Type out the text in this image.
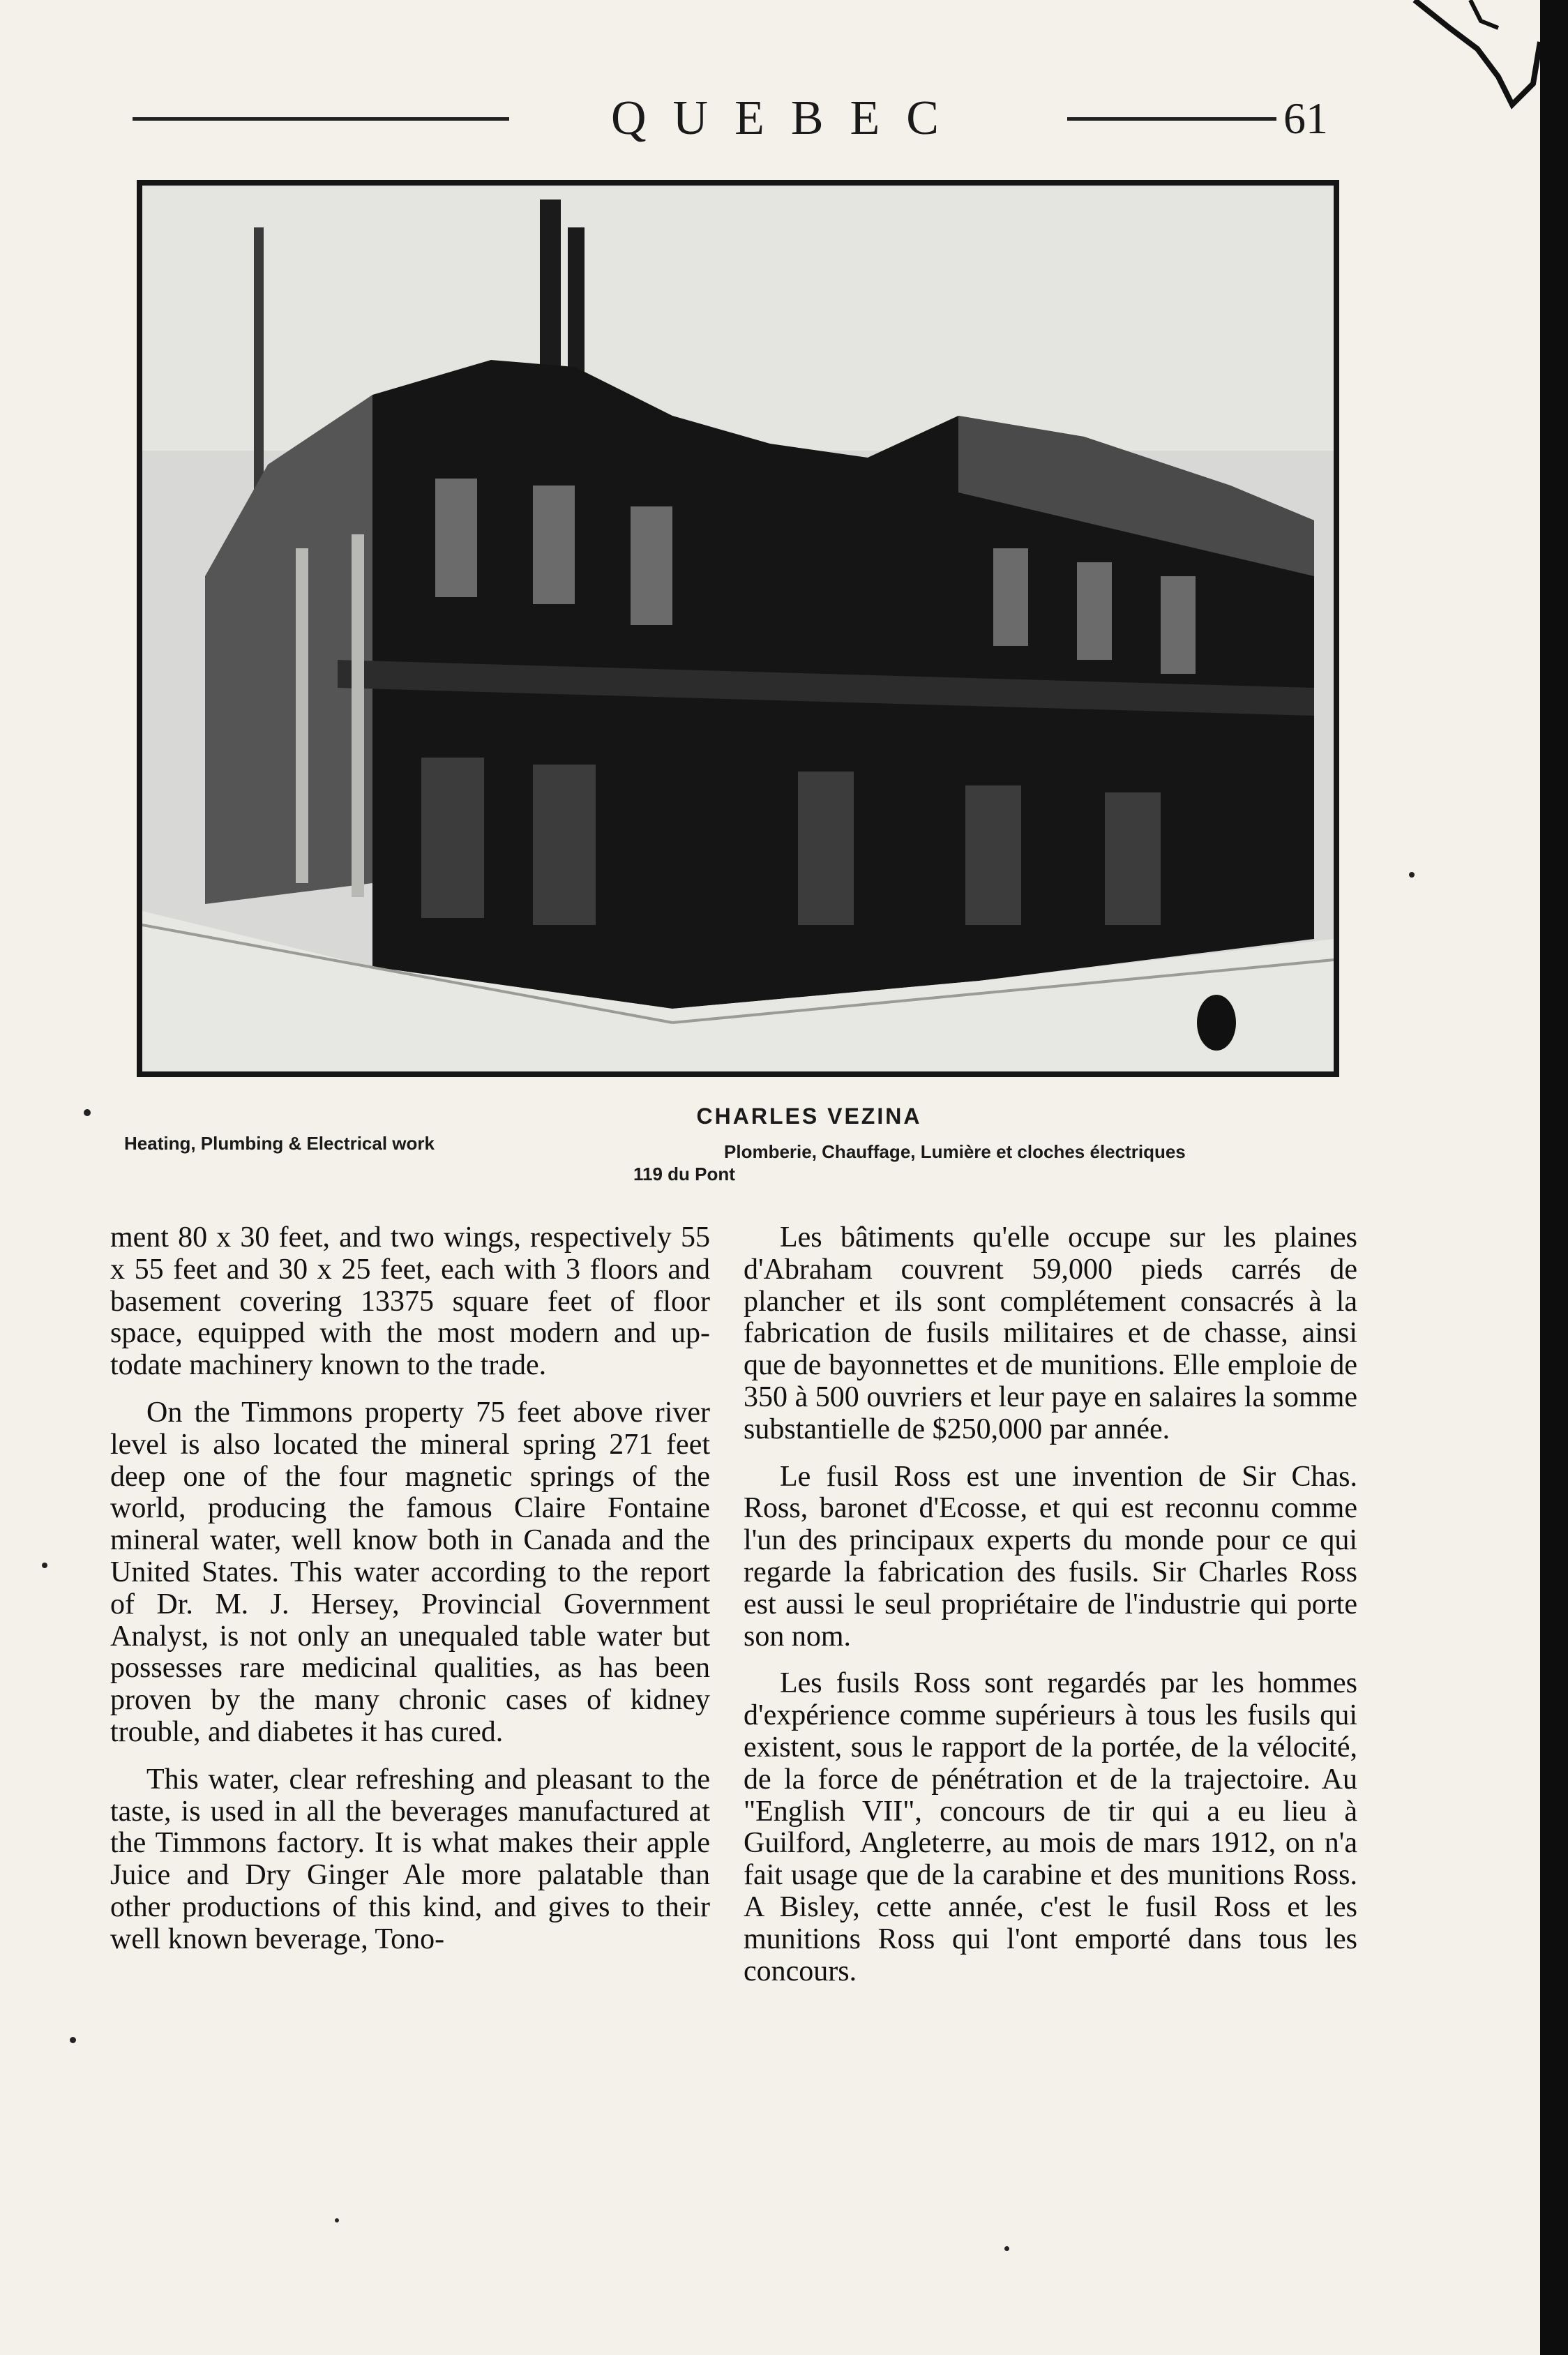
QUEBEC	61
CHARLES VEZINA
Heating, Plumbing & Electrical work	Plomberie, Chauffage, Lumière et cloches électriques
119 du Pont

ment 80 x 30 feet, and two wings, respectively 55 x 55 feet and 30 x 25 feet, each with 3 floors and basement covering 13375 square feet of floor space, equipped with the most modern and up-todate machinery known to the trade.

On the Timmons property 75 feet above river level is also located the mineral spring 271 feet deep one of the four magnetic springs of the world, producing the famous Claire Fontaine mineral water, well know both in Canada and the United States. This water according to the report of Dr. M. J. Hersey, Provincial Government Analyst, is not only an unequaled table water but possesses rare medicinal qualities, as has been proven by the many chronic cases of kidney trouble, and diabetes it has cured.

This water, clear refreshing and pleasant to the taste, is used in all the beverages manufactured at the Timmons factory. It is what makes their apple Juice and Dry Ginger Ale more palatable than other productions of this kind, and gives to their well known beverage, Tono-

Les bâtiments qu'elle occupe sur les plaines d'Abraham couvrent 59,000 pieds carrés de plancher et ils sont complétement consacrés à la fabrication de fusils militaires et de chasse, ainsi que de bayonnettes et de munitions. Elle emploie de 350 à 500 ouvriers et leur paye en salaires la somme substantielle de $250,000 par année.

Le fusil Ross est une invention de Sir Chas. Ross, baronet d'Ecosse, et qui est reconnu comme l'un des principaux experts du monde pour ce qui regarde la fabrication des fusils. Sir Charles Ross est aussi le seul propriétaire de l'industrie qui porte son nom.

Les fusils Ross sont regardés par les hommes d'expérience comme supérieurs à tous les fusils qui existent, sous le rapport de la portée, de la vélocité, de la force de pénétration et de la trajectoire. Au "English VII", concours de tir qui a eu lieu à Guilford, Angleterre, au mois de mars 1912, on n'a fait usage que de la carabine et des munitions Ross. A Bisley, cette année, c'est le fusil Ross et les munitions Ross qui l'ont emporté dans tous les concours.
